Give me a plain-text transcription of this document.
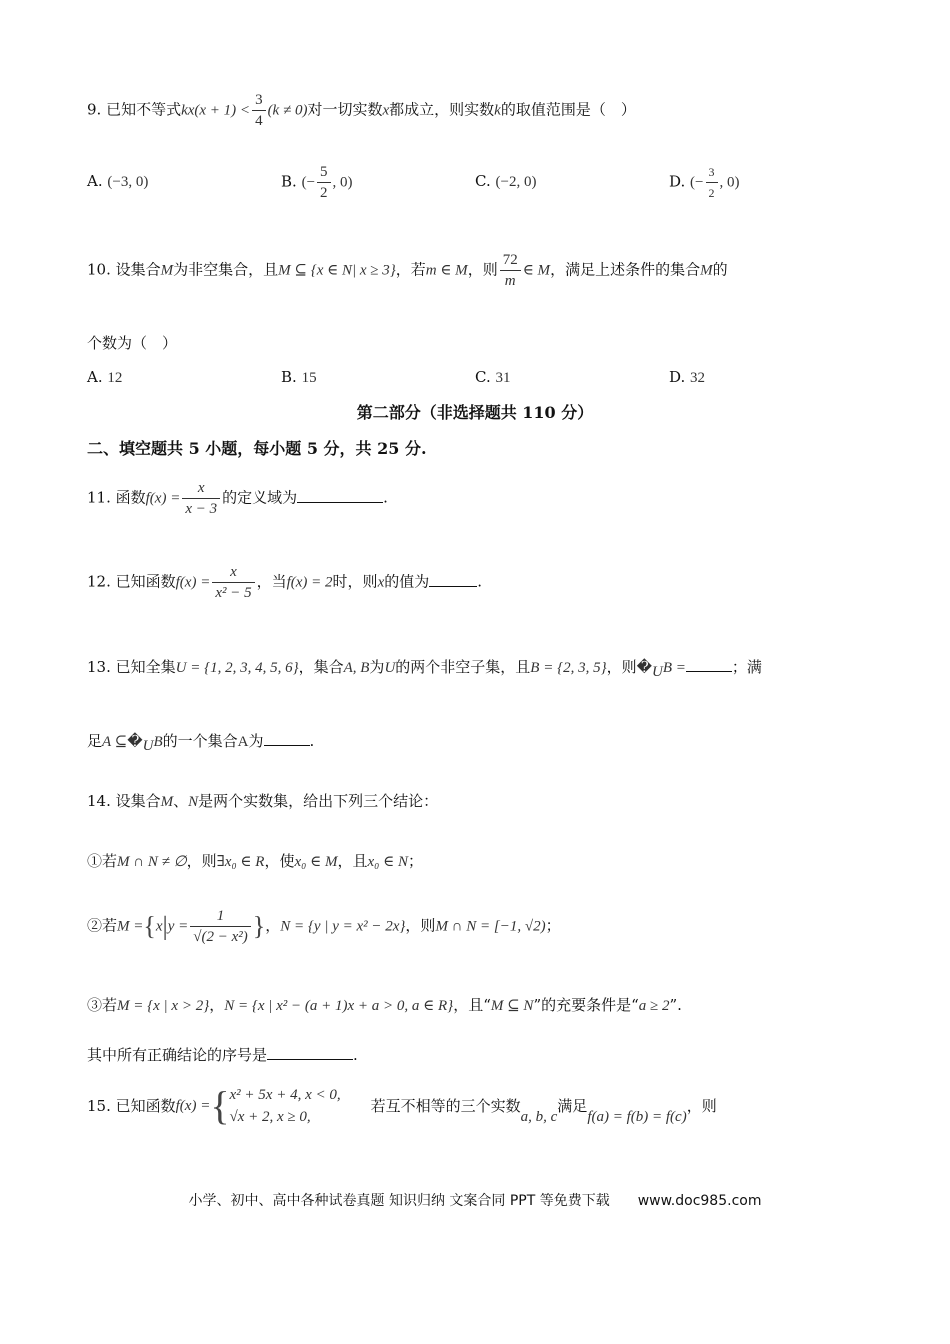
9. 已知不等式$kx(x + 1) < \frac{3}{4} (k \ne 0)$对一切实数x都成立，则实数k的取值范围是（　）
A. (−3, 0)	B. (− $\frac{5}{2}$ , 0)	C. (−2, 0)	D. (− $\frac{3}{2}$ , 0)
10. 设集合M为非空集合，且M ⊆ {x ∈ N| x ≥ 3}，若m ∈ M，则 $\frac{72}{m}$ ∈ M，满足上述条件的集合M的
个数为（　）
A. 12	B. 15	C. 31	D. 32
第二部分（非选择题共 110 分）
二、填空题共 5 小题，每小题 5 分，共 25 分.
11. 函数$f(x) = \frac{x}{x - 3}$ 的定义域为	.
12. 已知函数$f(x) = \frac{x}{\text{x² − 5}}$ ，当f(x) = 2时，则x的值为	.
13. 已知全集U = {1, 2, 3, 4, 5, 6}，集合A, B为U的两个非空子集，且B = {2, 3, 5}，则$�_UB$ =	；满
足A $⊆�_UB$的一个集合A为	.
14. 设集合M、N是两个实数集，给出下列三个结论：
①若M ∩ N ≠ ∅，则∃x₀ ∈ R，使x₀ ∈ M，且x₀ ∈ N；
②若$M =\{x|y = \frac{1}{\text{√(2 − x²)}}$ }，N = {y | y = x² − 2x}，则M ∩ N = [−1, √2)；
③若M = {x | x > 2}，N = {x | x² − (a + 1)x + a > 0, a ∈ R}，且“M ⊆ N”的充要条件是“a ≥ 2”.
其中所有正确结论的序号是	.
15. 已知函数f(x) ={ x² + 5x + 4, x < 0,
√x + 2, x ≥ 0,
若互不相等的三个实数a, b, c满足f(a) = f(b) = f(c)，则
小学、初中、高中各种试卷真题 知识归纳 文案合同 PPT 等免费下载　　www.doc985.com
